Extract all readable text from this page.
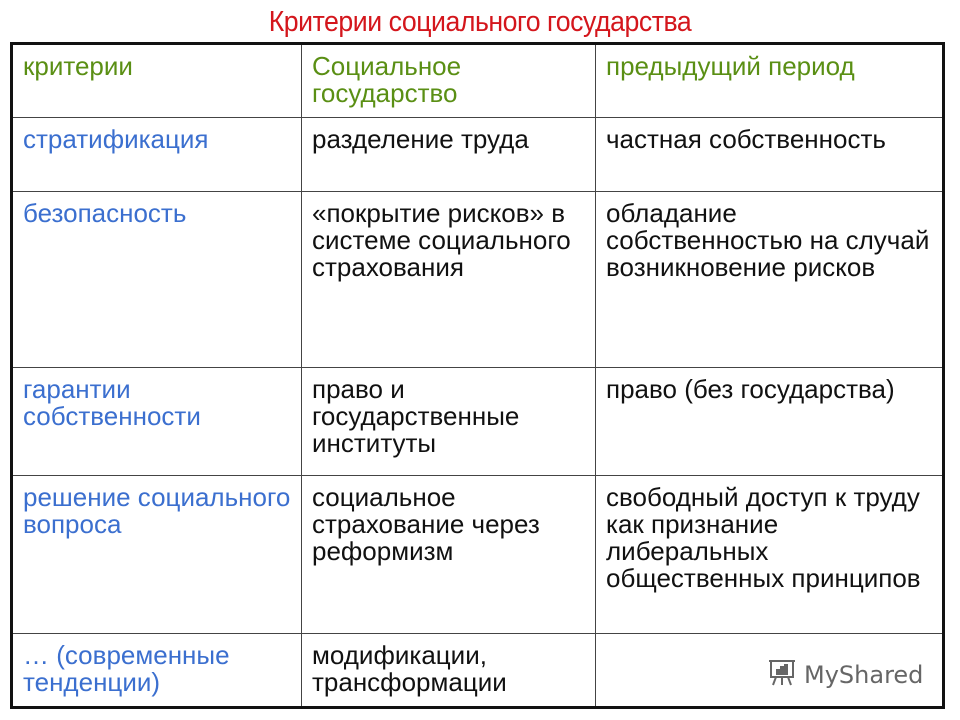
Критерии социального государства
критерии	Социальное государство	предыдущий период
стратификация	разделение труда	частная собственность
безопасность	«покрытие рисков» в системе социального страхования	обладание собственностью на случай возникновение рисков
гарантии собственности	право и государственные институты	право (без государства)
решение социального вопроса	социальное страхование через реформизм	свободный доступ к труду как признание либеральных общественных принципов
… (современные тенденции)	модификации, трансформации		MyShared
